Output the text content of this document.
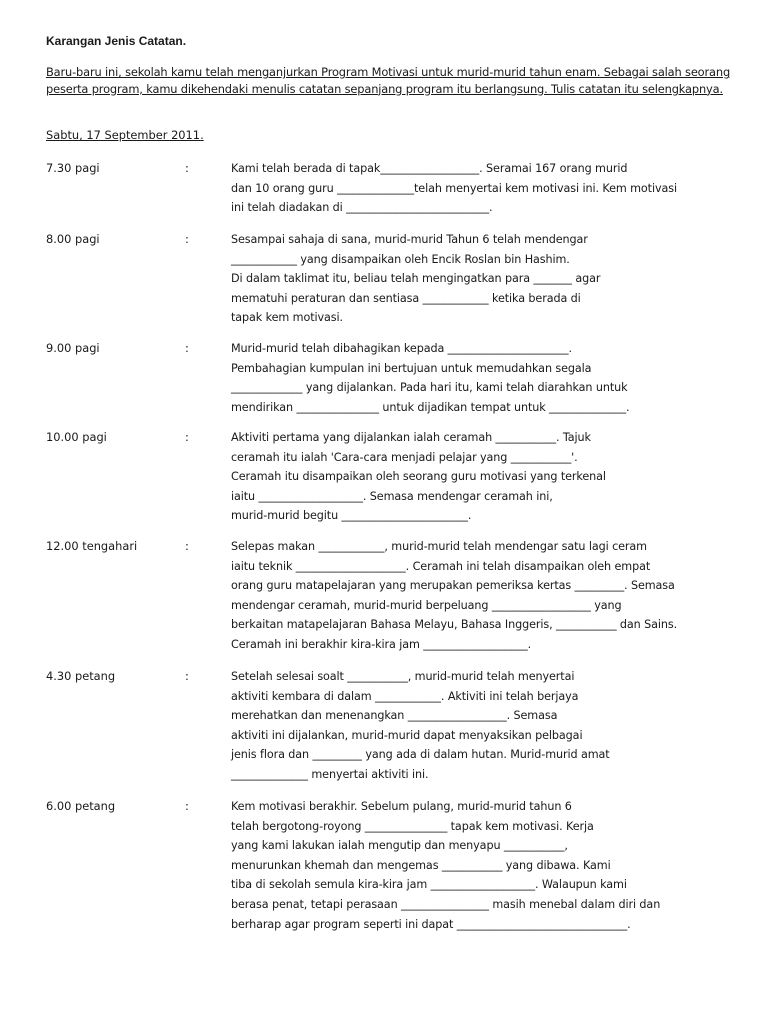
Karangan Jenis Catatan.
Baru-baru ini, sekolah kamu telah menganjurkan Program Motivasi untuk murid-murid tahun enam. Sebagai salah seorang peserta program, kamu dikehendaki menulis catatan sepanjang program itu berlangsung. Tulis catatan itu selengkapnya.
Sabtu, 17 September 2011.
7.30 pagi	:	Kami telah berada di tapak__________________. Seramai 167 orang murid
dan 10 orang guru ______________telah menyertai kem motivasi ini. Kem motivasi
ini telah diadakan di __________________________.
8.00 pagi	:	Sesampai sahaja di sana, murid-murid Tahun 6 telah mendengar
____________ yang disampaikan oleh Encik Roslan bin Hashim.
Di dalam taklimat itu, beliau telah mengingatkan para _______ agar
mematuhi peraturan dan sentiasa ____________ ketika berada di
tapak kem motivasi.
9.00 pagi	:	Murid-murid telah dibahagikan kepada ______________________.
Pembahagian kumpulan ini bertujuan untuk memudahkan segala
_____________ yang dijalankan. Pada hari itu, kami telah diarahkan untuk
mendirikan _______________ untuk dijadikan tempat untuk ______________.
10.00 pagi	:	Aktiviti pertama yang dijalankan ialah ceramah ___________. Tajuk
ceramah itu ialah 'Cara-cara menjadi pelajar yang ___________'.
Ceramah itu disampaikan oleh seorang guru motivasi yang terkenal
iaitu ___________________. Semasa mendengar ceramah ini,
murid-murid begitu _______________________.
12.00 tengahari	:	Selepas makan ____________, murid-murid telah mendengar satu lagi ceram
iaitu teknik ____________________. Ceramah ini telah disampaikan oleh empat
orang guru matapelajaran yang merupakan pemeriksa kertas _________. Semasa
mendengar ceramah, murid-murid berpeluang __________________ yang
berkaitan matapelajaran Bahasa Melayu, Bahasa Inggeris, ___________ dan Sains.
Ceramah ini berakhir kira-kira jam ___________________.
4.30 petang	:	Setelah selesai soalt ___________, murid-murid telah menyertai
aktiviti kembara di dalam ____________. Aktiviti ini telah berjaya
merehatkan dan menenangkan __________________. Semasa
aktiviti ini dijalankan, murid-murid dapat menyaksikan pelbagai
jenis flora dan _________ yang ada di dalam hutan. Murid-murid amat
______________ menyertai aktiviti ini.
6.00 petang	:	Kem motivasi berakhir. Sebelum pulang, murid-murid tahun 6
telah bergotong-royong _______________ tapak kem motivasi. Kerja
yang kami lakukan ialah mengutip dan menyapu ___________,
menurunkan khemah dan mengemas ___________ yang dibawa. Kami
tiba di sekolah semula kira-kira jam ___________________. Walaupun kami
berasa penat, tetapi perasaan ________________ masih menebal dalam diri dan
berharap agar program seperti ini dapat _______________________________.
